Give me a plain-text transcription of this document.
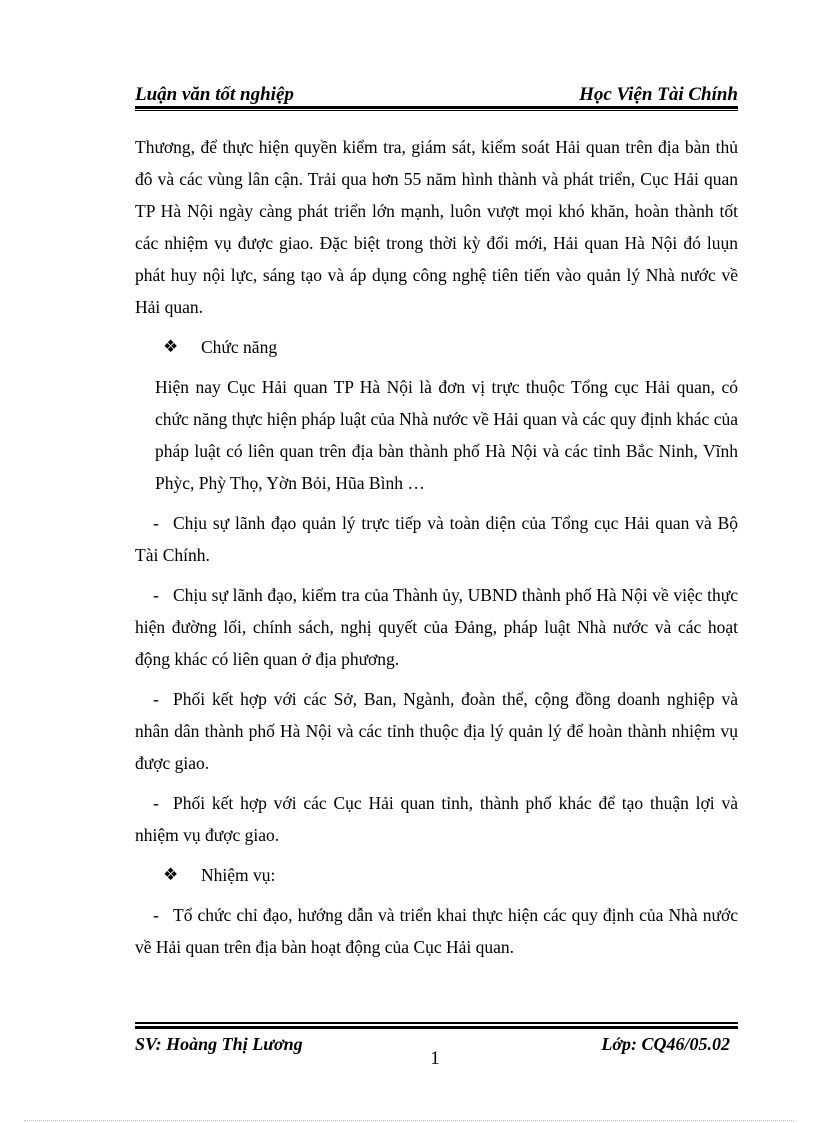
Luận văn tốt nghiệp	Học Viện Tài Chính

Thương, để thực hiện quyền kiểm tra, giám sát, kiểm soát Hải quan trên địa bàn thủ đô và các vùng lân cận. Trải qua hơn 55 năm hình thành và phát triển, Cục Hải quan TP Hà Nội ngày càng phát triển lớn mạnh, luôn vượt mọi khó khăn, hoàn thành tốt các nhiệm vụ được giao. Đặc biệt trong thời kỳ đổi mới, Hải quan Hà Nội đó luụn phát huy nội lực, sáng tạo và áp dụng công nghệ tiên tiến vào quản lý Nhà nước về Hải quan.

❖	Chức năng

Hiện nay Cục Hải quan TP Hà Nội là đơn vị trực thuộc Tổng cục Hải quan, có chức năng thực hiện pháp luật của Nhà nước về Hải quan và các quy định khác của pháp luật có liên quan trên địa bàn thành phố Hà Nội và các tỉnh Bắc Ninh, Vĩnh Phỳc, Phỳ Thọ, Yờn Bỏi, Hũa Bình …

- Chịu sự lãnh đạo quản lý trực tiếp và toàn diện của Tổng cục Hải quan và Bộ Tài Chính.

- Chịu sự lãnh đạo, kiểm tra của Thành ủy, UBND thành phố Hà Nội về việc thực hiện đường lối, chính sách, nghị quyết của Đảng, pháp luật Nhà nước và các hoạt động khác có liên quan ở địa phương.

- Phối kết hợp với các Sở, Ban, Ngành, đoàn thể, cộng đồng doanh nghiệp và nhân dân thành phố Hà Nội và các tỉnh thuộc địa lý quản lý để hoàn thành nhiệm vụ được giao.

- Phối kết hợp với các Cục Hải quan tỉnh, thành phố khác để tạo thuận lợi và nhiệm vụ được giao.

❖	Nhiệm vụ:

- Tổ chức chỉ đạo, hướng dẫn và triển khai thực hiện các quy định của Nhà nước về Hải quan trên địa bàn hoạt động của Cục Hải quan.

SV: Hoàng Thị Lương	Lớp: CQ46/05.02
1
